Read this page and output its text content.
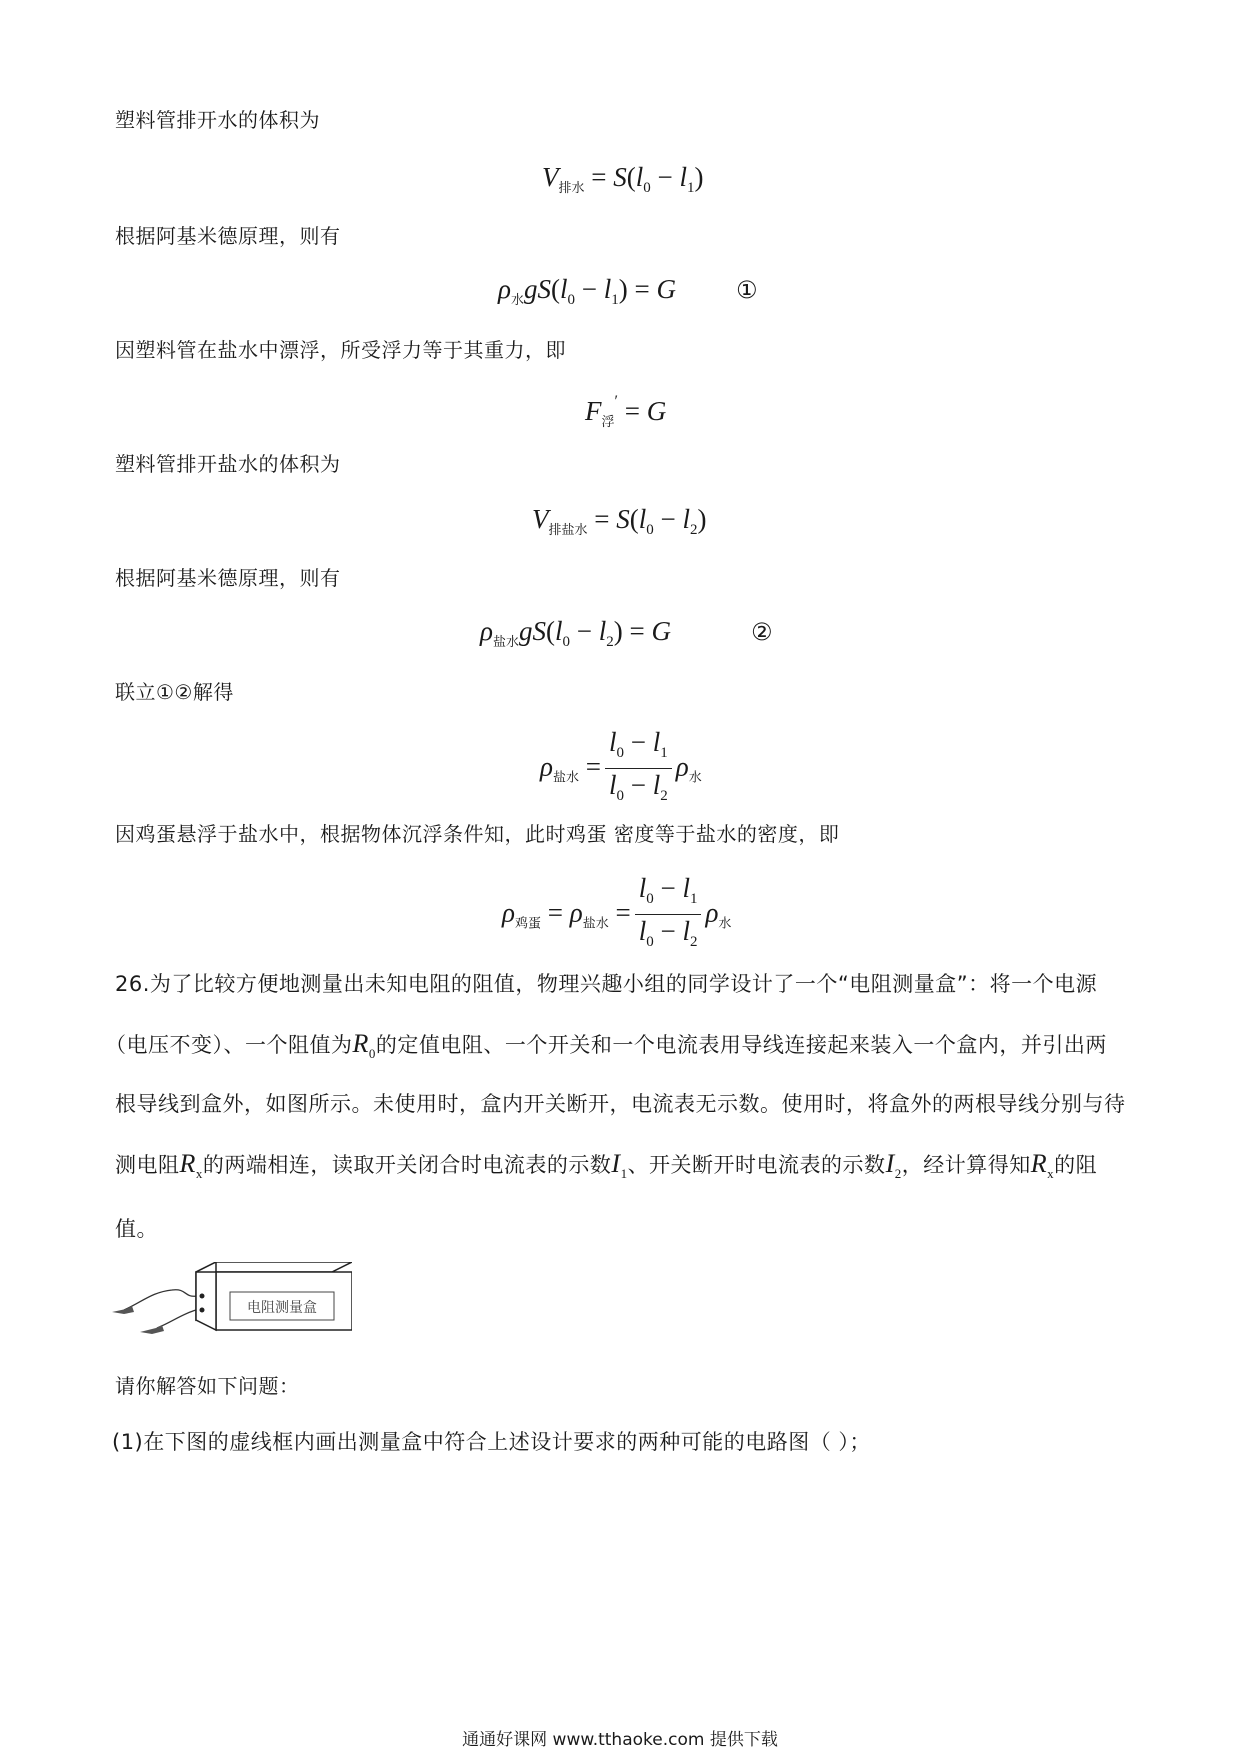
塑料管排开水的体积为
$V_{排水} = S(l_0 - l_1)$
根据阿基米德原理，则有
$\rho_水gS(l_0 - l_1) = G$	①
因塑料管在盐水中漂浮，所受浮力等于其重力，即
$F_浮' = G$
塑料管排开盐水的体积为
$V_{排盐水} = S(l_0 - l_2)$
根据阿基米德原理，则有
$\rho_{盐水}gS(l_0 - l_2) = G$	②
联立①②解得
$\rho_{盐水} = \frac{l_0 - l_1}{l_0 - l_2} \rho_水$
因鸡蛋悬浮于盐水中，根据物体沉浮条件知，此时鸡蛋 密度等于盐水的密度，即
$\rho_{鸡蛋} = \rho_{盐水} = \frac{l_0 - l_1}{l_0 - l_2} \rho_水$
26.为了比较方便地测量出未知电阻的阻值，物理兴趣小组的同学设计了一个“电阻测量盒”：将一个电源
（电压不变）、一个阻值为$R_0$的定值电阻、一个开关和一个电流表用导线连接起来装入一个盒内，并引出两
根导线到盒外，如图所示。未使用时，盒内开关断开，电流表无示数。使用时，将盒外的两根导线分别与待
测电阻$R_x$的两端相连，读取开关闭合时电流表的示数$I_1$、开关断开时电流表的示数$I_2$，经计算得知$R_x$的阻
值。
电阻测量盒
请你解答如下问题：
(1)在下图的虚线框内画出测量盒中符合上述设计要求的两种可能的电路图（ ）；
通通好课网 www.tthaoke.com 提供下载
